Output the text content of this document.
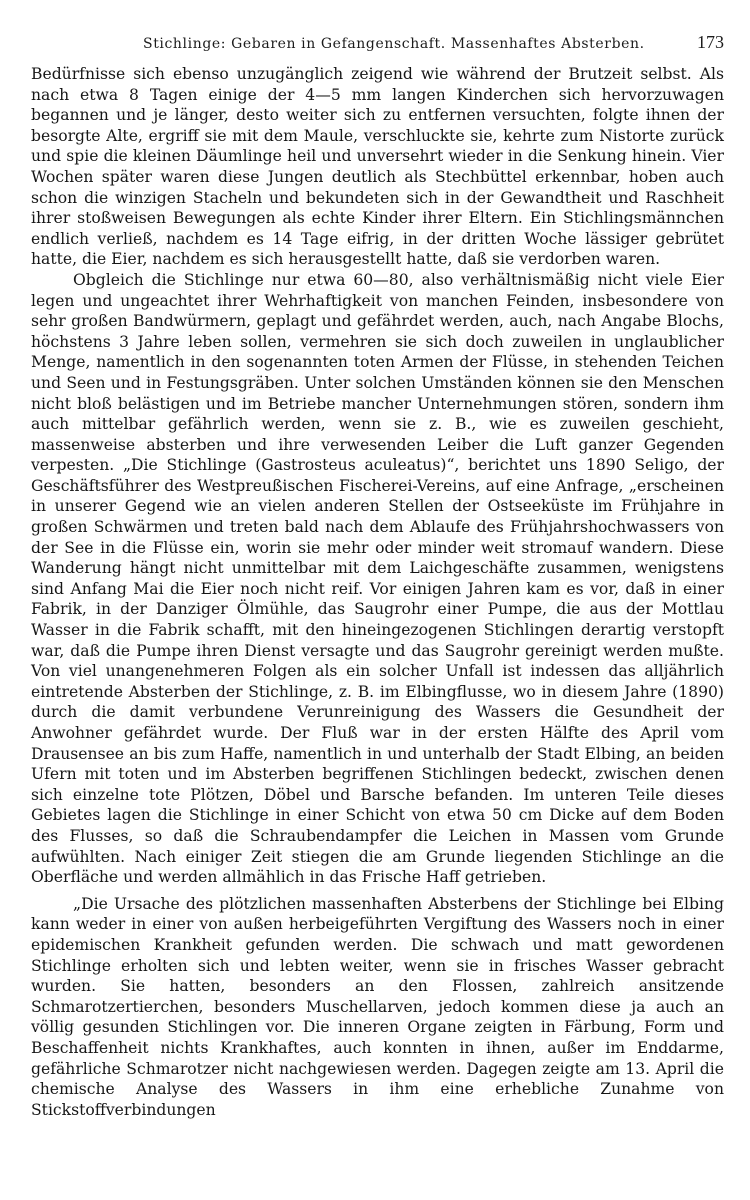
Stichlinge: Gebaren in Gefangenschaft. Massenhaftes Absterben.	173

Bedürfnisse sich ebenso unzugänglich zeigend wie während der Brutzeit selbst. Als nach etwa 8 Tagen einige der 4—5 mm langen Kinderchen sich hervorzuwagen begannen und je länger, desto weiter sich zu entfernen versuchten, folgte ihnen der besorgte Alte, ergriff sie mit dem Maule, verschluckte sie, kehrte zum Nistorte zurück und spie die kleinen Däumlinge heil und unversehrt wieder in die Senkung hinein. Vier Wochen später waren diese Jungen deutlich als Stechbüttel erkennbar, hoben auch schon die winzigen Stacheln und bekundeten sich in der Gewandtheit und Raschheit ihrer stoßweisen Bewegungen als echte Kinder ihrer Eltern. Ein Stichlingsmännchen endlich verließ, nachdem es 14 Tage eifrig, in der dritten Woche lässiger gebrütet hatte, die Eier, nachdem es sich herausgestellt hatte, daß sie verdorben waren.

Obgleich die Stichlinge nur etwa 60—80, also verhältnismäßig nicht viele Eier legen und ungeachtet ihrer Wehrhaftigkeit von manchen Feinden, insbesondere von sehr großen Bandwürmern, geplagt und gefährdet werden, auch, nach Angabe Blochs, höchstens 3 Jahre leben sollen, vermehren sie sich doch zuweilen in unglaublicher Menge, namentlich in den sogenannten toten Armen der Flüsse, in stehenden Teichen und Seen und in Festungsgräben. Unter solchen Umständen können sie den Menschen nicht bloß belästigen und im Betriebe mancher Unternehmungen stören, sondern ihm auch mittelbar gefährlich werden, wenn sie z. B., wie es zuweilen geschieht, massenweise absterben und ihre verwesenden Leiber die Luft ganzer Gegenden verpesten. „Die Stichlinge (Gastrosteus aculeatus)“, berichtet uns 1890 Seligo, der Geschäftsführer des Westpreußischen Fischerei-Vereins, auf eine Anfrage, „erscheinen in unserer Gegend wie an vielen anderen Stellen der Ostseeküste im Frühjahre in großen Schwärmen und treten bald nach dem Ablaufe des Frühjahrshochwassers von der See in die Flüsse ein, worin sie mehr oder minder weit stromauf wandern. Diese Wanderung hängt nicht unmittelbar mit dem Laichgeschäfte zusammen, wenigstens sind Anfang Mai die Eier noch nicht reif. Vor einigen Jahren kam es vor, daß in einer Fabrik, in der Danziger Ölmühle, das Saugrohr einer Pumpe, die aus der Mottlau Wasser in die Fabrik schafft, mit den hineingezogenen Stichlingen derartig verstopft war, daß die Pumpe ihren Dienst versagte und das Saugrohr gereinigt werden mußte. Von viel unangenehmeren Folgen als ein solcher Unfall ist indessen das alljährlich eintretende Absterben der Stichlinge, z. B. im Elbingflusse, wo in diesem Jahre (1890) durch die damit verbundene Verunreinigung des Wassers die Gesundheit der Anwohner gefährdet wurde. Der Fluß war in der ersten Hälfte des April vom Drausensee an bis zum Haffe, namentlich in und unterhalb der Stadt Elbing, an beiden Ufern mit toten und im Absterben begriffenen Stichlingen bedeckt, zwischen denen sich einzelne tote Plötzen, Döbel und Barsche befanden. Im unteren Teile dieses Gebietes lagen die Stichlinge in einer Schicht von etwa 50 cm Dicke auf dem Boden des Flusses, so daß die Schraubendampfer die Leichen in Massen vom Grunde aufwühlten. Nach einiger Zeit stiegen die am Grunde liegenden Stichlinge an die Oberfläche und werden allmählich in das Frische Haff getrieben.

„Die Ursache des plötzlichen massenhaften Absterbens der Stichlinge bei Elbing kann weder in einer von außen herbeigeführten Vergiftung des Wassers noch in einer epidemischen Krankheit gefunden werden. Die schwach und matt gewordenen Stichlinge erholten sich und lebten weiter, wenn sie in frisches Wasser gebracht wurden. Sie hatten, besonders an den Flossen, zahlreich ansitzende Schmarotzertierchen, besonders Muschellarven, jedoch kommen diese ja auch an völlig gesunden Stichlingen vor. Die inneren Organe zeigten in Färbung, Form und Beschaffenheit nichts Krankhaftes, auch konnten in ihnen, außer im Enddarme, gefährliche Schmarotzer nicht nachgewiesen werden. Dagegen zeigte am 13. April die chemische Analyse des Wassers in ihm eine erhebliche Zunahme von Stickstoffverbindungen
